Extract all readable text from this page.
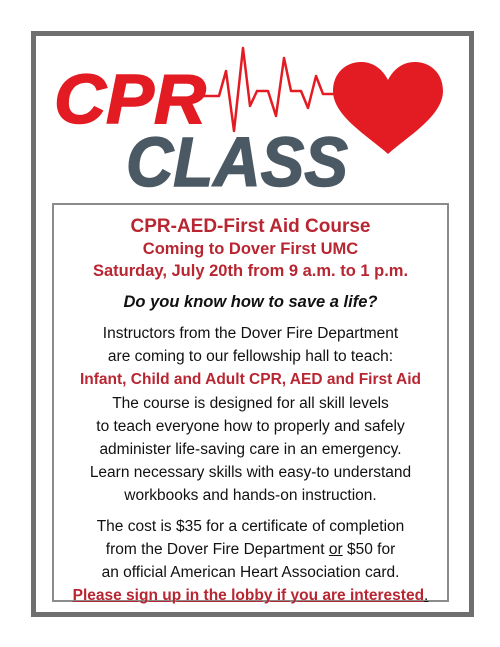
CPR
CLASS
CPR-AED-First Aid Course
Coming to Dover First UMC
Saturday, July 20th from 9 a.m. to 1 p.m.
Do you know how to save a life?
Instructors from the Dover Fire Department
are coming to our fellowship hall to teach:
Infant, Child and Adult CPR, AED and First Aid
The course is designed for all skill levels
to teach everyone how to properly and safely
administer life-saving care in an emergency.
Learn necessary skills with easy-to understand
workbooks and hands-on instruction.
The cost is $35 for a certificate of completion
from the Dover Fire Department or $50 for
an official American Heart Association card.
Please sign up in the lobby if you are interested.
